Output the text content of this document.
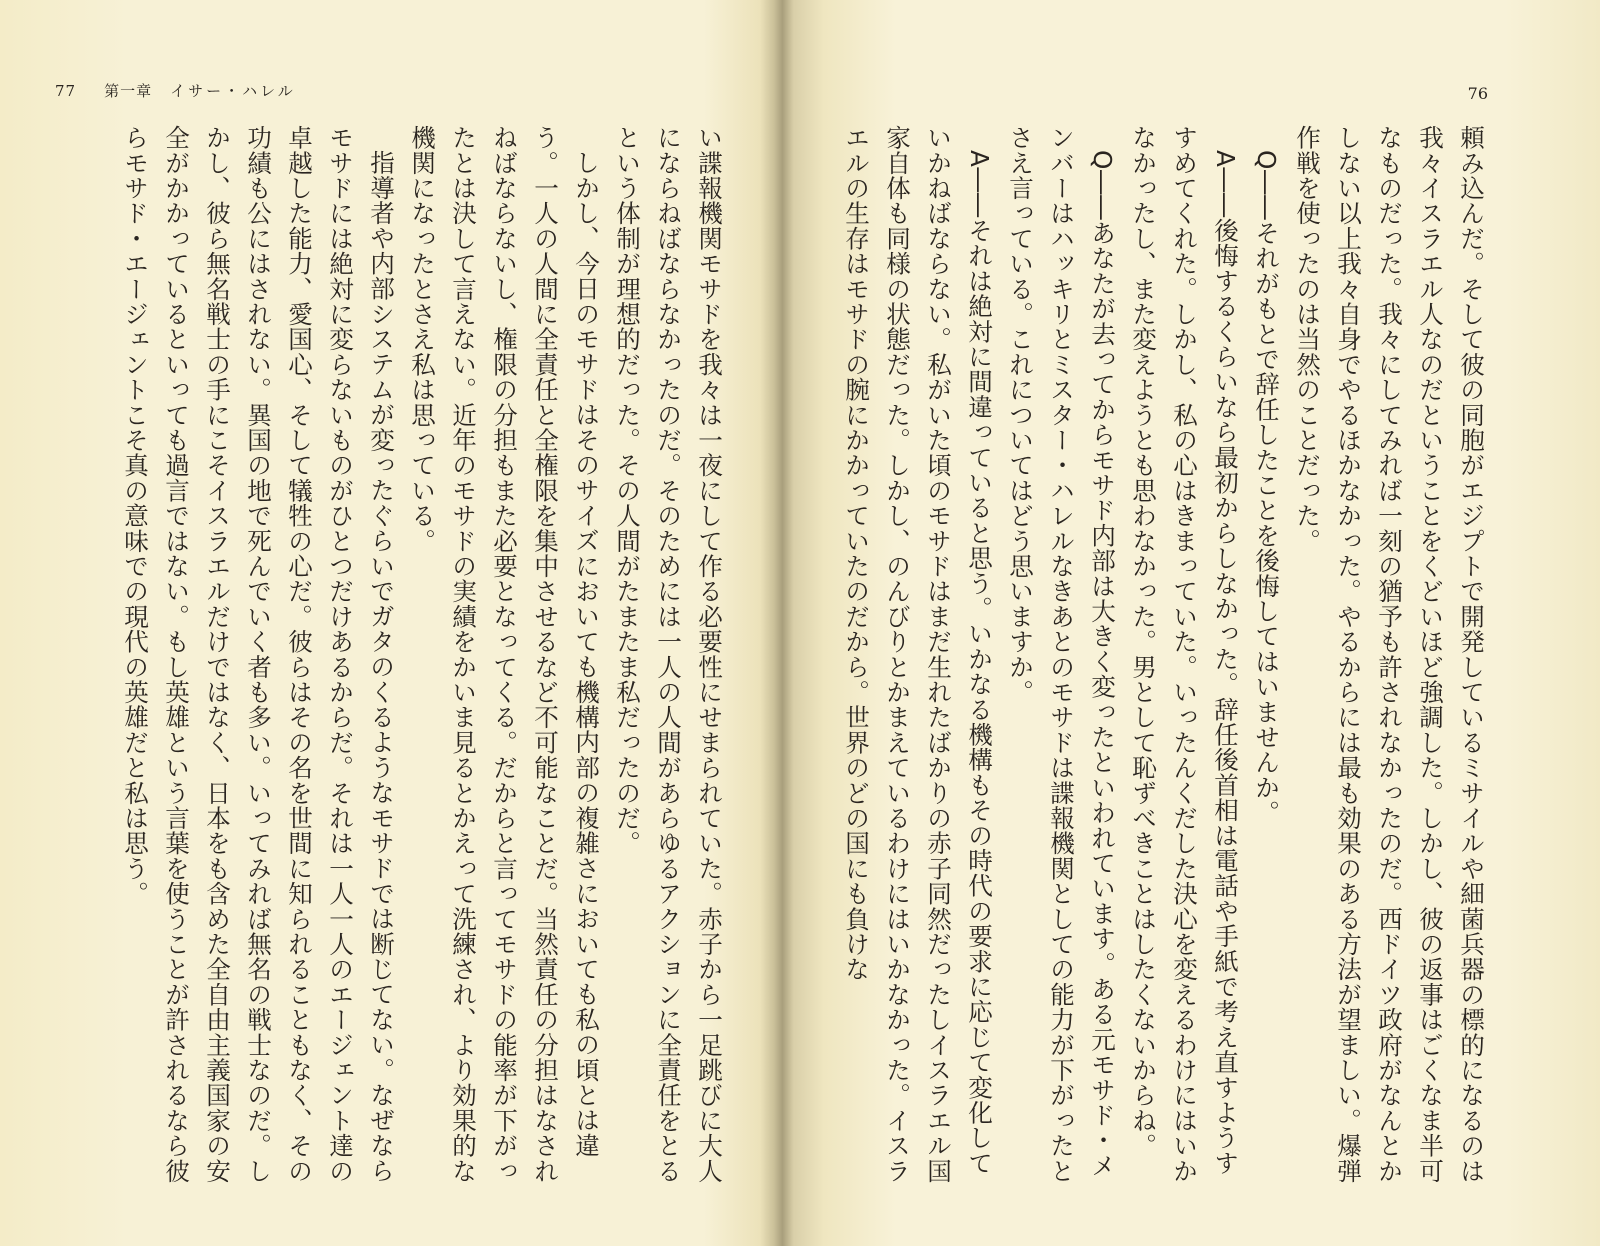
77 第一章 イサー・ハレル

い諜報機関モサドを我々は一夜にして作る必要性にせまられていた。赤子から一足跳びに大人にならねばならなかったのだ。そのためには一人の人間があらゆるアクションに全責任をとるという体制が理想的だった。その人間がたまたま私だったのだ。

しかし、今日のモサドはそのサイズにおいても機構内部の複雑さにおいても私の頃とは違う。一人の人間に全責任と全権限を集中させるなど不可能なことだ。当然責任の分担はなされねばならないし、権限の分担もまた必要となってくる。だからと言ってモサドの能率が下がったとは決して言えない。近年のモサドの実績をかいま見るとかえって洗練され、より効果的な機関になったとさえ私は思っている。

指導者や内部システムが変ったぐらいでガタのくるようなモサドでは断じてない。なぜならモサドには絶対に変らないものがひとつだけあるからだ。それは一人一人のエージェント達の卓越した能力、愛国心、そして犠牲の心だ。彼らはその名を世間に知られることもなく、その功績も公にはされない。異国の地で死んでいく者も多い。いってみれば無名の戦士なのだ。しかし、彼ら無名戦士の手にこそイスラエルだけではなく、日本をも含めた全自由主義国家の安全がかかっているといっても過言ではない。もし英雄という言葉を使うことが許されるなら彼らモサド・エージェントこそ真の意味での現代の英雄だと私は思う。

76

頼み込んだ。そして彼の同胞がエジプトで開発しているミサイルや細菌兵器の標的になるのは我々イスラエル人なのだということをくどいほど強調した。しかし、彼の返事はごくなま半可なものだった。我々にしてみれば一刻の猶予も許されなかったのだ。西ドイツ政府がなんとかしない以上我々自身でやるほかなかった。やるからには最も効果のある方法が望ましい。爆弾作戦を使ったのは当然のことだった。

Q――それがもとで辞任したことを後悔してはいませんか。

A――後悔するくらいなら最初からしなかった。辞任後首相は電話や手紙で考え直すようすすめてくれた。しかし、私の心はきまっていた。いったんくだした決心を変えるわけにはいかなかったし、また変えようとも思わなかった。男として恥ずべきことはしたくないからね。

Q――あなたが去ってからモサド内部は大きく変ったといわれています。ある元モサド・メンバーはハッキリとミスター・ハレルなきあとのモサドは諜報機関としての能力が下がったとさえ言っている。これについてはどう思いますか。

A――それは絶対に間違っていると思う。いかなる機構もその時代の要求に応じて変化していかねばならない。私がいた頃のモサドはまだ生れたばかりの赤子同然だったしイスラエル国家自体も同様の状態だった。しかし、のんびりとかまえているわけにはいかなかった。イスラエルの生存はモサドの腕にかかっていたのだから。世界のどの国にも負けな
